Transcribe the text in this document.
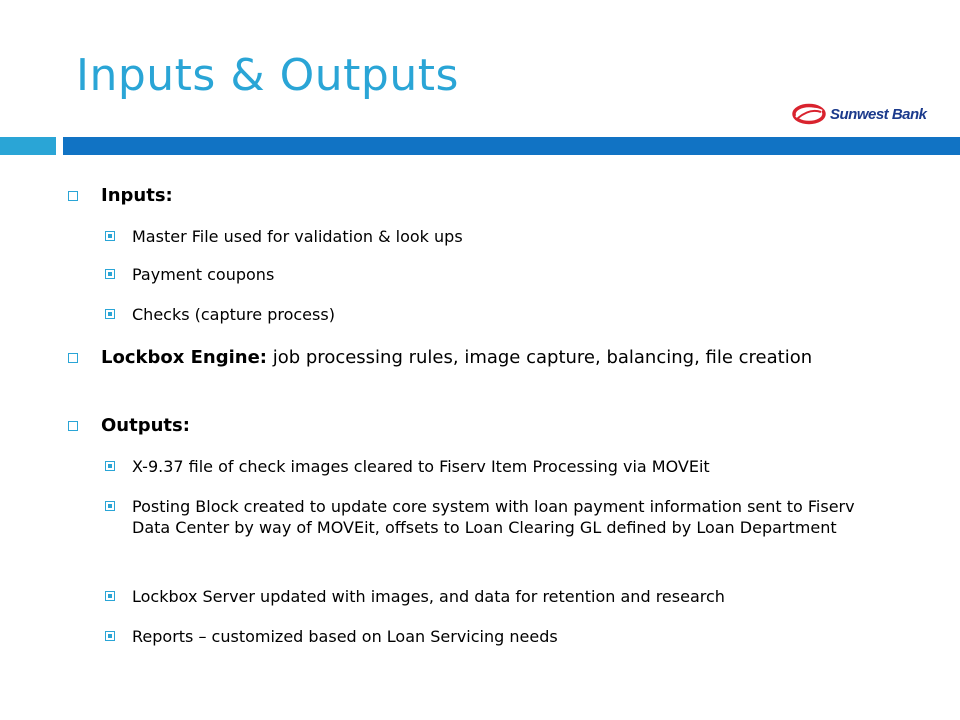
Inputs & Outputs
Sunwest Bank
Inputs:
Master File used for validation & look ups
Payment coupons
Checks (capture process)
Lockbox Engine: job processing rules, image capture, balancing, file creation
Outputs:
X-9.37 file of check images cleared to Fiserv Item Processing via MOVEit
Posting Block created to update core system with loan payment information sent to Fiserv Data Center by way of MOVEit, offsets to Loan Clearing GL defined by Loan Department
Lockbox Server updated with images, and data for retention and research
Reports – customized based on Loan Servicing needs
